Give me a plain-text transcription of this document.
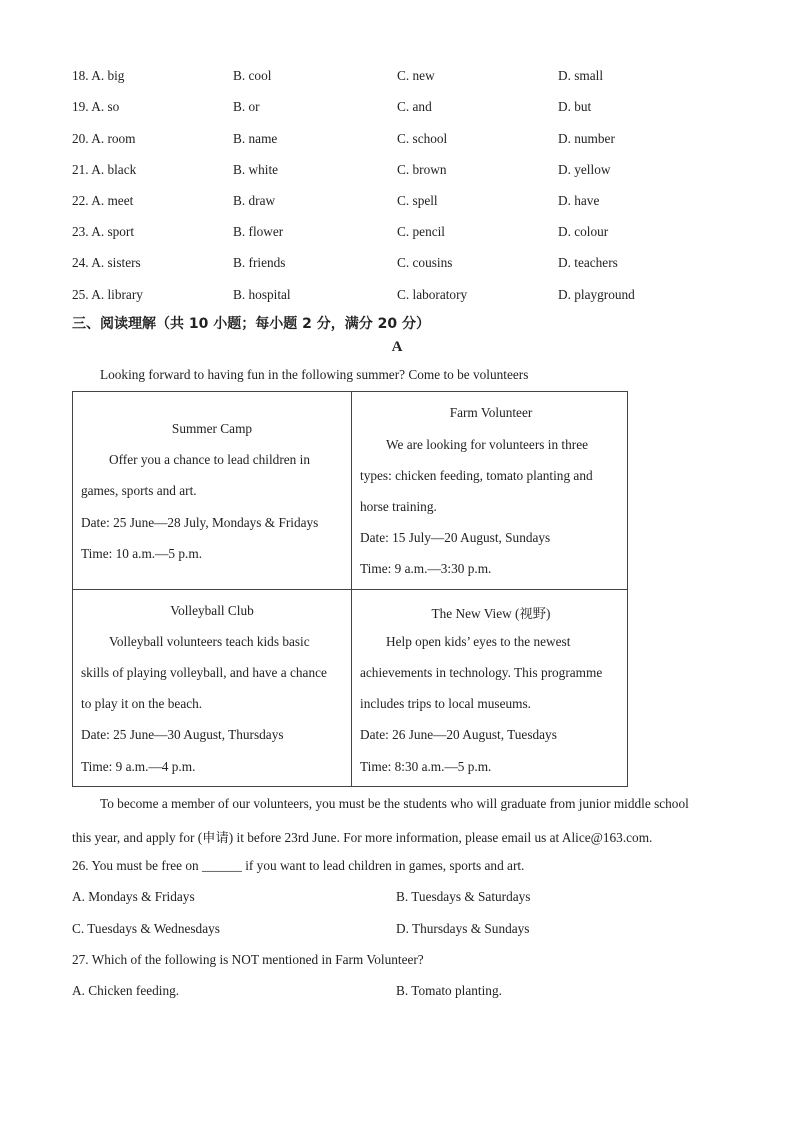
18. A. big	B. cool	C. new	D. small
19. A. so	B. or	C. and	D. but
20. A. room	B. name	C. school	D. number
21. A. black	B. white	C. brown	D. yellow
22. A. meet	B. draw	C. spell	D. have
23. A. sport	B. flower	C. pencil	D. colour
24. A. sisters	B. friends	C. cousins	D. teachers
25. A. library	B. hospital	C. laboratory	D. playground
三、阅读理解（共 10 小题；每小题 2 分，满分 20 分）
A
Looking forward to having fun in the following summer? Come to be volunteers
Summer Camp
Offer you a chance to lead children in
games, sports and art.
Date: 25 June—28 July, Mondays & Fridays
Time: 10 a.m.—5 p.m.
Farm Volunteer
We are looking for volunteers in three
types: chicken feeding, tomato planting and
horse training.
Date: 15 July—20 August, Sundays
Time: 9 a.m.—3:30 p.m.
Volleyball Club
Volleyball volunteers teach kids basic
skills of playing volleyball, and have a chance
to play it on the beach.
Date: 25 June—30 August, Thursdays
Time: 9 a.m.—4 p.m.
The New View (视野)
Help open kids’ eyes to the newest
achievements in technology. This programme
includes trips to local museums.
Date: 26 June—20 August, Tuesdays
Time: 8:30 a.m.—5 p.m.
To become a member of our volunteers, you must be the students who will graduate from junior middle school
this year, and apply for (申请) it before 23rd June. For more information, please email us at Alice@163.com.
26. You must be free on ______ if you want to lead children in games, sports and art.
A. Mondays & Fridays	B. Tuesdays & Saturdays
C. Tuesdays & Wednesdays	D. Thursdays & Sundays
27. Which of the following is NOT mentioned in Farm Volunteer?
A. Chicken feeding.	B. Tomato planting.
